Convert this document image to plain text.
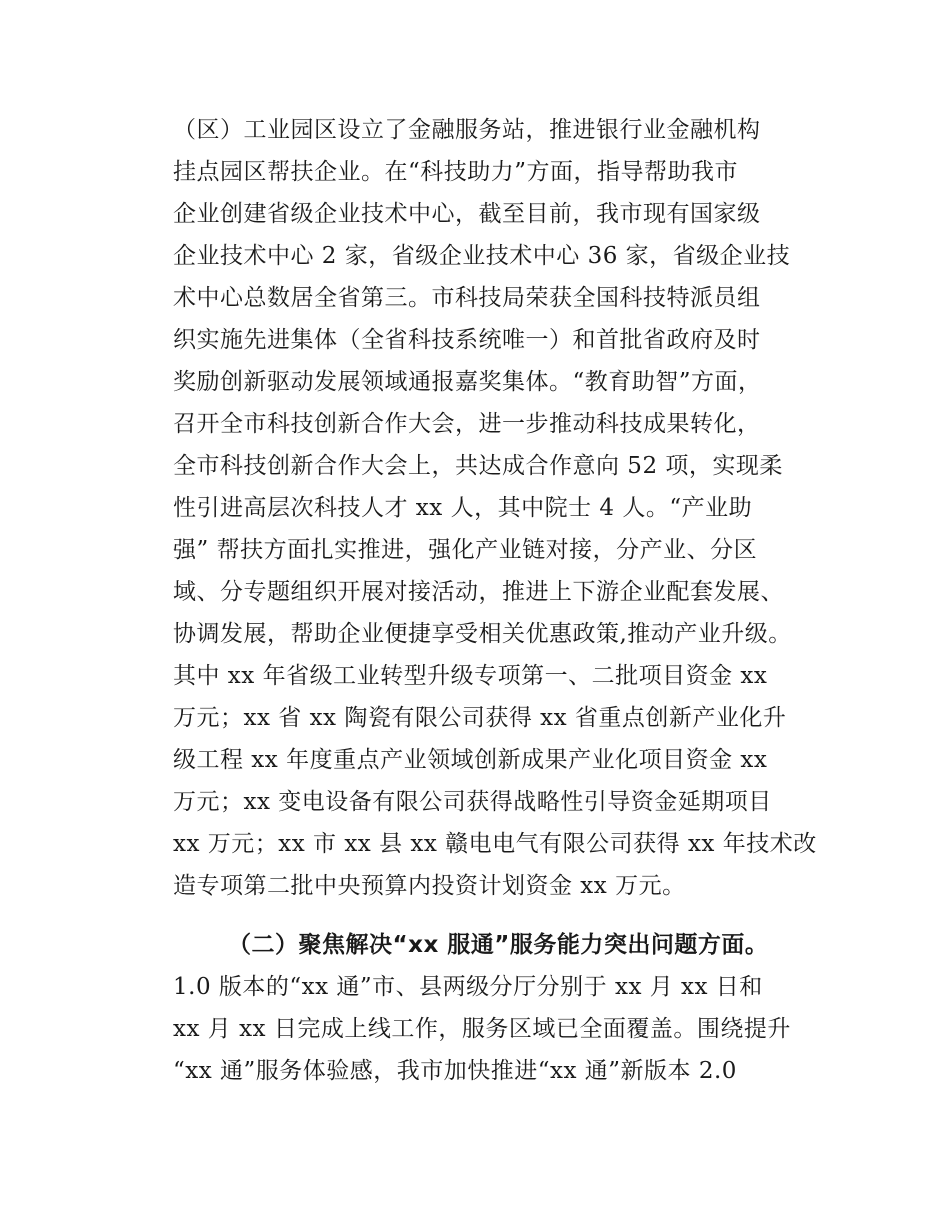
（区）工业园区设立了金融服务站，推进银行业金融机构
挂点园区帮扶企业。在“科技助力”方面，指导帮助我市
企业创建省级企业技术中心，截至目前，我市现有国家级
企业技术中心 2 家，省级企业技术中心 36 家，省级企业技
术中心总数居全省第三。市科技局荣获全国科技特派员组
织实施先进集体（全省科技系统唯一）和首批省政府及时
奖励创新驱动发展领域通报嘉奖集体。“教育助智”方面，
召开全市科技创新合作大会，进一步推动科技成果转化，
全市科技创新合作大会上，共达成合作意向 52 项，实现柔
性引进高层次科技人才 xx 人，其中院士 4 人。“产业助
强” 帮扶方面扎实推进，强化产业链对接，分产业、分区
域、分专题组织开展对接活动，推进上下游企业配套发展、
协调发展，帮助企业便捷享受相关优惠政策,推动产业升级。
其中 xx 年省级工业转型升级专项第一、二批项目资金 xx
万元；xx 省 xx 陶瓷有限公司获得 xx 省重点创新产业化升
级工程 xx 年度重点产业领域创新成果产业化项目资金 xx
万元；xx 变电设备有限公司获得战略性引导资金延期项目
xx 万元；xx 市 xx 县 xx 赣电电气有限公司获得 xx 年技术改
造专项第二批中央预算内投资计划资金 xx 万元。
（二）聚焦解决“xx 服通”服务能力突出问题方面。
1.0 版本的“xx 通”市、县两级分厅分别于 xx 月 xx 日和
xx 月 xx 日完成上线工作，服务区域已全面覆盖。围绕提升
“xx 通”服务体验感，我市加快推进“xx 通”新版本 2.0
